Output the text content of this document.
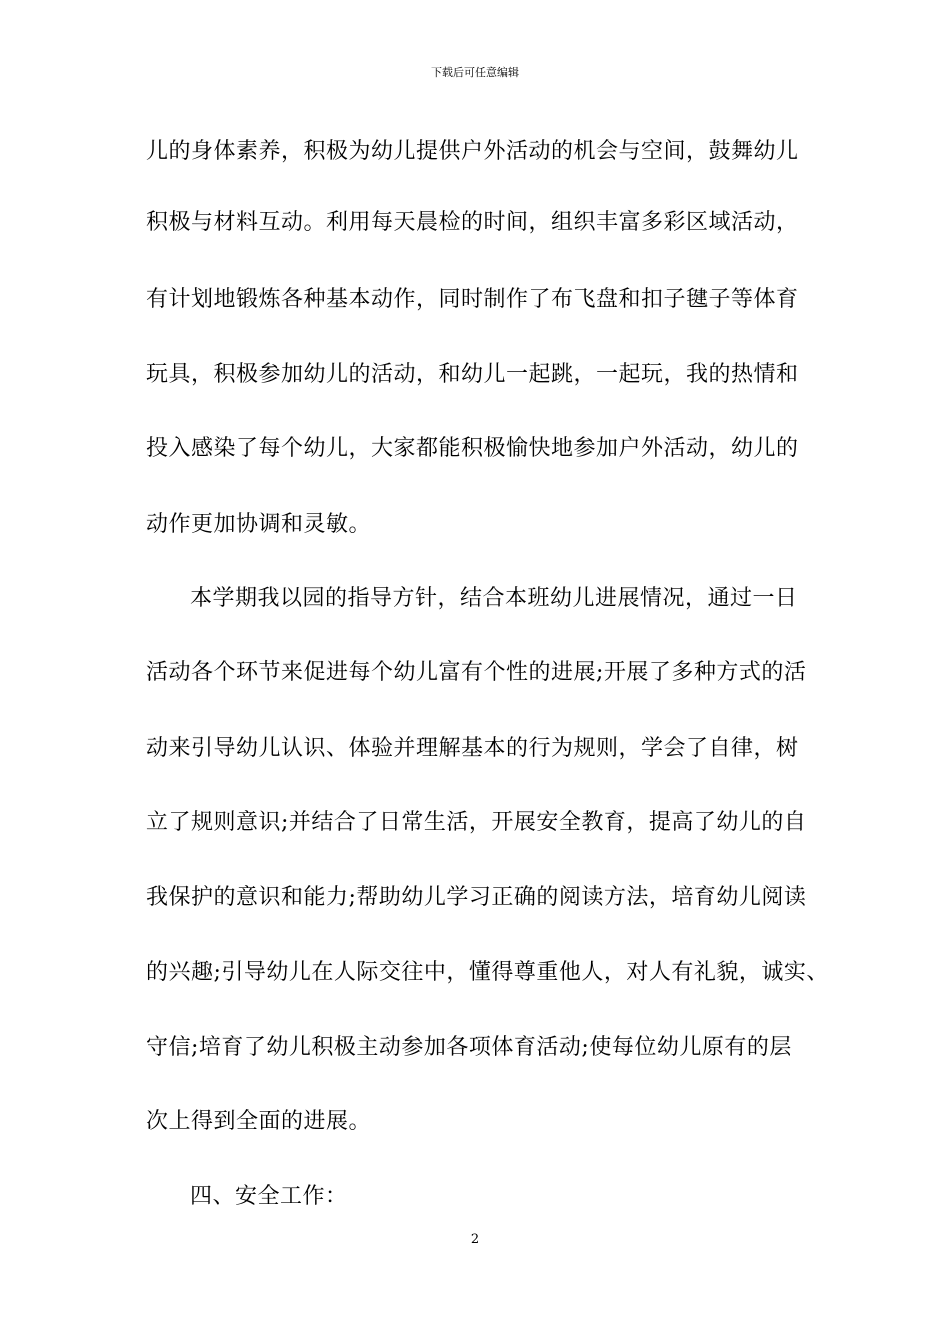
下载后可任意编辑
儿的身体素养，积极为幼儿提供户外活动的机会与空间，鼓舞幼儿
积极与材料互动。利用每天晨检的时间，组织丰富多彩区域活动，
有计划地锻炼各种基本动作，同时制作了布飞盘和扣子毽子等体育
玩具，积极参加幼儿的活动，和幼儿一起跳，一起玩，我的热情和
投入感染了每个幼儿，大家都能积极愉快地参加户外活动，幼儿的
动作更加协调和灵敏。
本学期我以园的指导方针，结合本班幼儿进展情况，通过一日
活动各个环节来促进每个幼儿富有个性的进展;开展了多种方式的活
动来引导幼儿认识、体验并理解基本的行为规则，学会了自律，树
立了规则意识;并结合了日常生活，开展安全教育，提高了幼儿的自
我保护的意识和能力;帮助幼儿学习正确的阅读方法，培育幼儿阅读
的兴趣;引导幼儿在人际交往中，懂得尊重他人，对人有礼貌，诚实、
守信;培育了幼儿积极主动参加各项体育活动;使每位幼儿原有的层
次上得到全面的进展。
四、安全工作：
2
